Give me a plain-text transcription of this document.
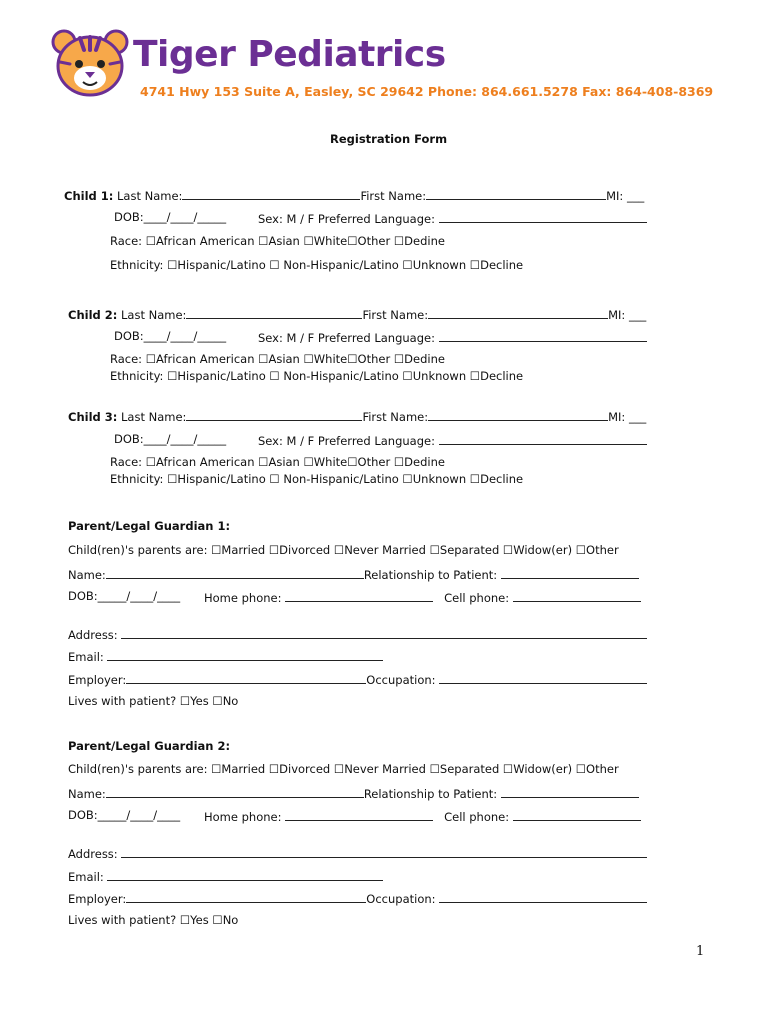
Tiger Pediatrics
4741 Hwy 153 Suite A, Easley, SC 29642 Phone: 864.661.5278 Fax: 864-408-8369
Registration Form
Child 1: Last Name:	First Name:	MI: ___
DOB:____/____/_____	Sex: M / F Preferred Language:
Race: ☐African American ☐Asian ☐White☐Other ☐Dedine
Ethnicity: ☐Hispanic/Latino ☐ Non-Hispanic/Latino ☐Unknown ☐Decline
Child 2: Last Name:	First Name:	MI: ___
DOB:____/____/_____	Sex: M / F Preferred Language:
Race: ☐African American ☐Asian ☐White☐Other ☐Dedine
Ethnicity: ☐Hispanic/Latino ☐ Non-Hispanic/Latino ☐Unknown ☐Decline
Child 3: Last Name:	First Name:	MI: ___
DOB:____/____/_____	Sex: M / F Preferred Language:
Race: ☐African American ☐Asian ☐White☐Other ☐Dedine
Ethnicity: ☐Hispanic/Latino ☐ Non-Hispanic/Latino ☐Unknown ☐Decline
Parent/Legal Guardian 1:
Child(ren)'s parents are: ☐Married ☐Divorced ☐Never Married ☐Separated ☐Widow(er) ☐Other
Name:	Relationship to Patient:
DOB:_____/____/____ Home phone:	Cell phone:
Address:
Email:
Employer:	Occupation:
Lives with patient? ☐Yes ☐No
Parent/Legal Guardian 2:
Child(ren)'s parents are: ☐Married ☐Divorced ☐Never Married ☐Separated ☐Widow(er) ☐Other
Name:	Relationship to Patient:
DOB:_____/____/____ Home phone:	Cell phone:
Address:
Email:
Employer:	Occupation:
Lives with patient? ☐Yes ☐No
1
